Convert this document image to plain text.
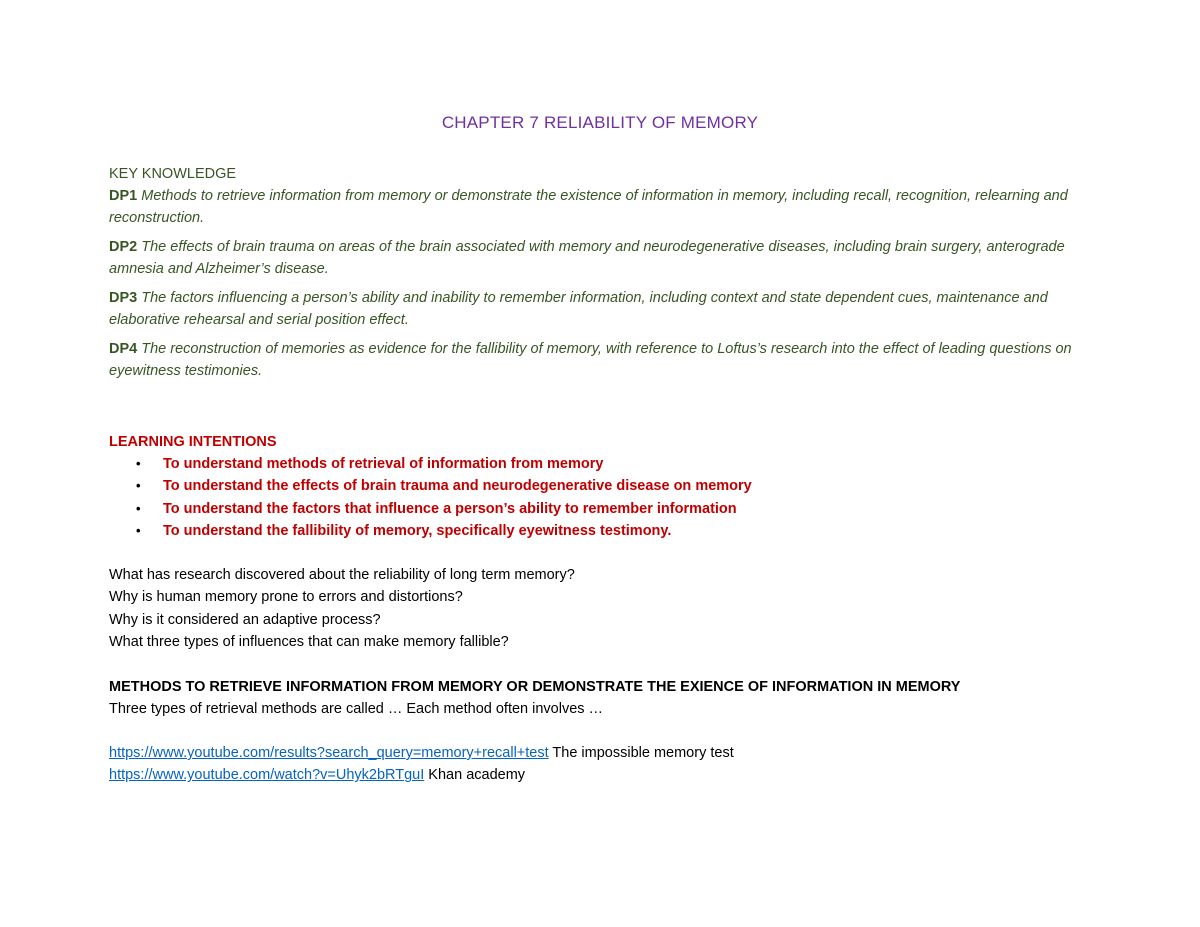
CHAPTER 7 RELIABILITY OF MEMORY
KEY KNOWLEDGE
DP1 Methods to retrieve information from memory or demonstrate the existence of information in memory, including recall, recognition, relearning and reconstruction.
DP2 The effects of brain trauma on areas of the brain associated with memory and neurodegenerative diseases, including brain surgery, anterograde amnesia and Alzheimer’s disease.
DP3 The factors influencing a person’s ability and inability to remember information, including context and state dependent cues, maintenance and elaborative rehearsal and serial position effect.
DP4 The reconstruction of memories as evidence for the fallibility of memory, with reference to Loftus’s research into the effect of leading questions on eyewitness testimonies.
LEARNING INTENTIONS
• To understand methods of retrieval of information from memory
• To understand the effects of brain trauma and neurodegenerative disease on memory
• To understand the factors that influence a person’s ability to remember information
• To understand the fallibility of memory, specifically eyewitness testimony.
What has research discovered about the reliability of long term memory?
Why is human memory prone to errors and distortions?
Why is it considered an adaptive process?
What three types of influences that can make memory fallible?
METHODS TO RETRIEVE INFORMATION FROM MEMORY OR DEMONSTRATE THE EXIENCE OF INFORMATION IN MEMORY
Three types of retrieval methods are called … Each method often involves …
https://www.youtube.com/results?search_query=memory+recall+test The impossible memory test
https://www.youtube.com/watch?v=Uhyk2bRTguI Khan academy
